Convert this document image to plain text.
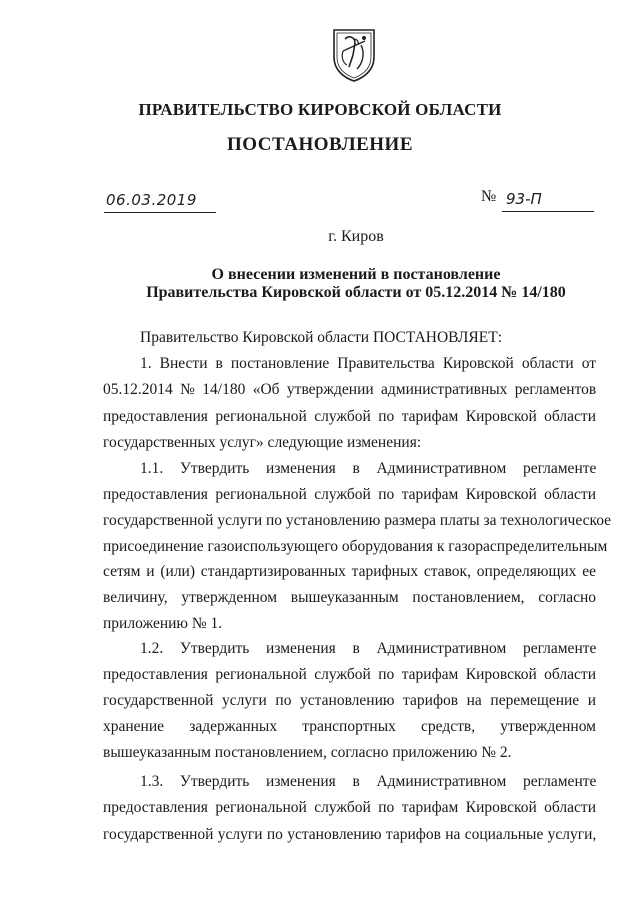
ПРАВИТЕЛЬСТВО КИРОВСКОЙ ОБЛАСТИ
ПОСТАНОВЛЕНИЕ
06.03.2019	№ 93-П
г. Киров
О внесении изменений в постановление
Правительства Кировской области от 05.12.2014 № 14/180
Правительство Кировской области ПОСТАНОВЛЯЕТ:
1. Внести в постановление Правительства Кировской области от
05.12.2014 № 14/180 «Об утверждении административных регламентов
предоставления региональной службой по тарифам Кировской области
государственных услуг» следующие изменения:
1.1. Утвердить изменения в Административном регламенте
предоставления региональной службой по тарифам Кировской области
государственной услуги по установлению размера платы за технологическое
присоединение газоиспользующего оборудования к газораспределительным
сетям и (или) стандартизированных тарифных ставок, определяющих ее
величину, утвержденном вышеуказанным постановлением, согласно
приложению № 1.
1.2. Утвердить изменения в Административном регламенте
предоставления региональной службой по тарифам Кировской области
государственной услуги по установлению тарифов на перемещение и
хранение задержанных транспортных средств, утвержденном
вышеуказанным постановлением, согласно приложению № 2.
1.3. Утвердить изменения в Административном регламенте
предоставления региональной службой по тарифам Кировской области
государственной услуги по установлению тарифов на социальные услуги,
